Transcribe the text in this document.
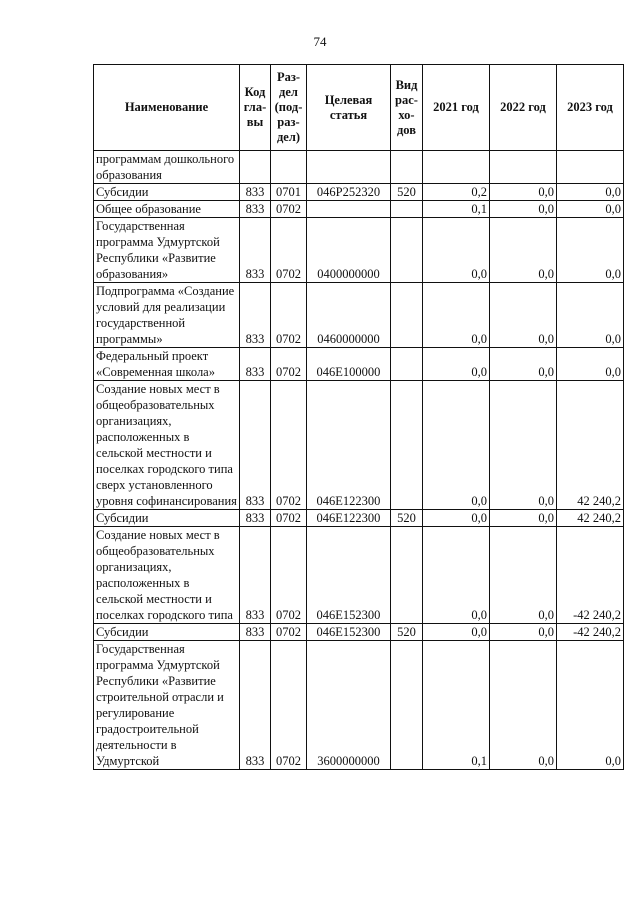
74
Наименование	Код гла-вы	Раз-дел (под-раз-дел)	Целевая статья	Вид рас-хо-дов	2021 год	2022 год	2023 год
программам дошкольного образования							
Субсидии	833	0701	046P252320	520	0,2	0,0	0,0
Общее образование	833	0702			0,1	0,0	0,0
Государственная программа Удмуртской Республики «Развитие образования»	833	0702	0400000000		0,0	0,0	0,0
Подпрограмма «Создание условий для реализации государственной программы»	833	0702	0460000000		0,0	0,0	0,0
Федеральный проект «Современная школа»	833	0702	046E100000		0,0	0,0	0,0
Создание новых мест в общеобразовательных организациях, расположенных в сельской местности и поселках городского типа сверх установленного уровня софинансирования	833	0702	046E122300		0,0	0,0	42 240,2
Субсидии	833	0702	046E122300	520	0,0	0,0	42 240,2
Создание новых мест в общеобразовательных организациях, расположенных в сельской местности и поселках городского типа	833	0702	046E152300		0,0	0,0	-42 240,2
Субсидии	833	0702	046E152300	520	0,0	0,0	-42 240,2
Государственная программа Удмуртской Республики «Развитие строительной отрасли и регулирование градостроительной деятельности в Удмуртской	833	0702	3600000000		0,1	0,0	0,0
